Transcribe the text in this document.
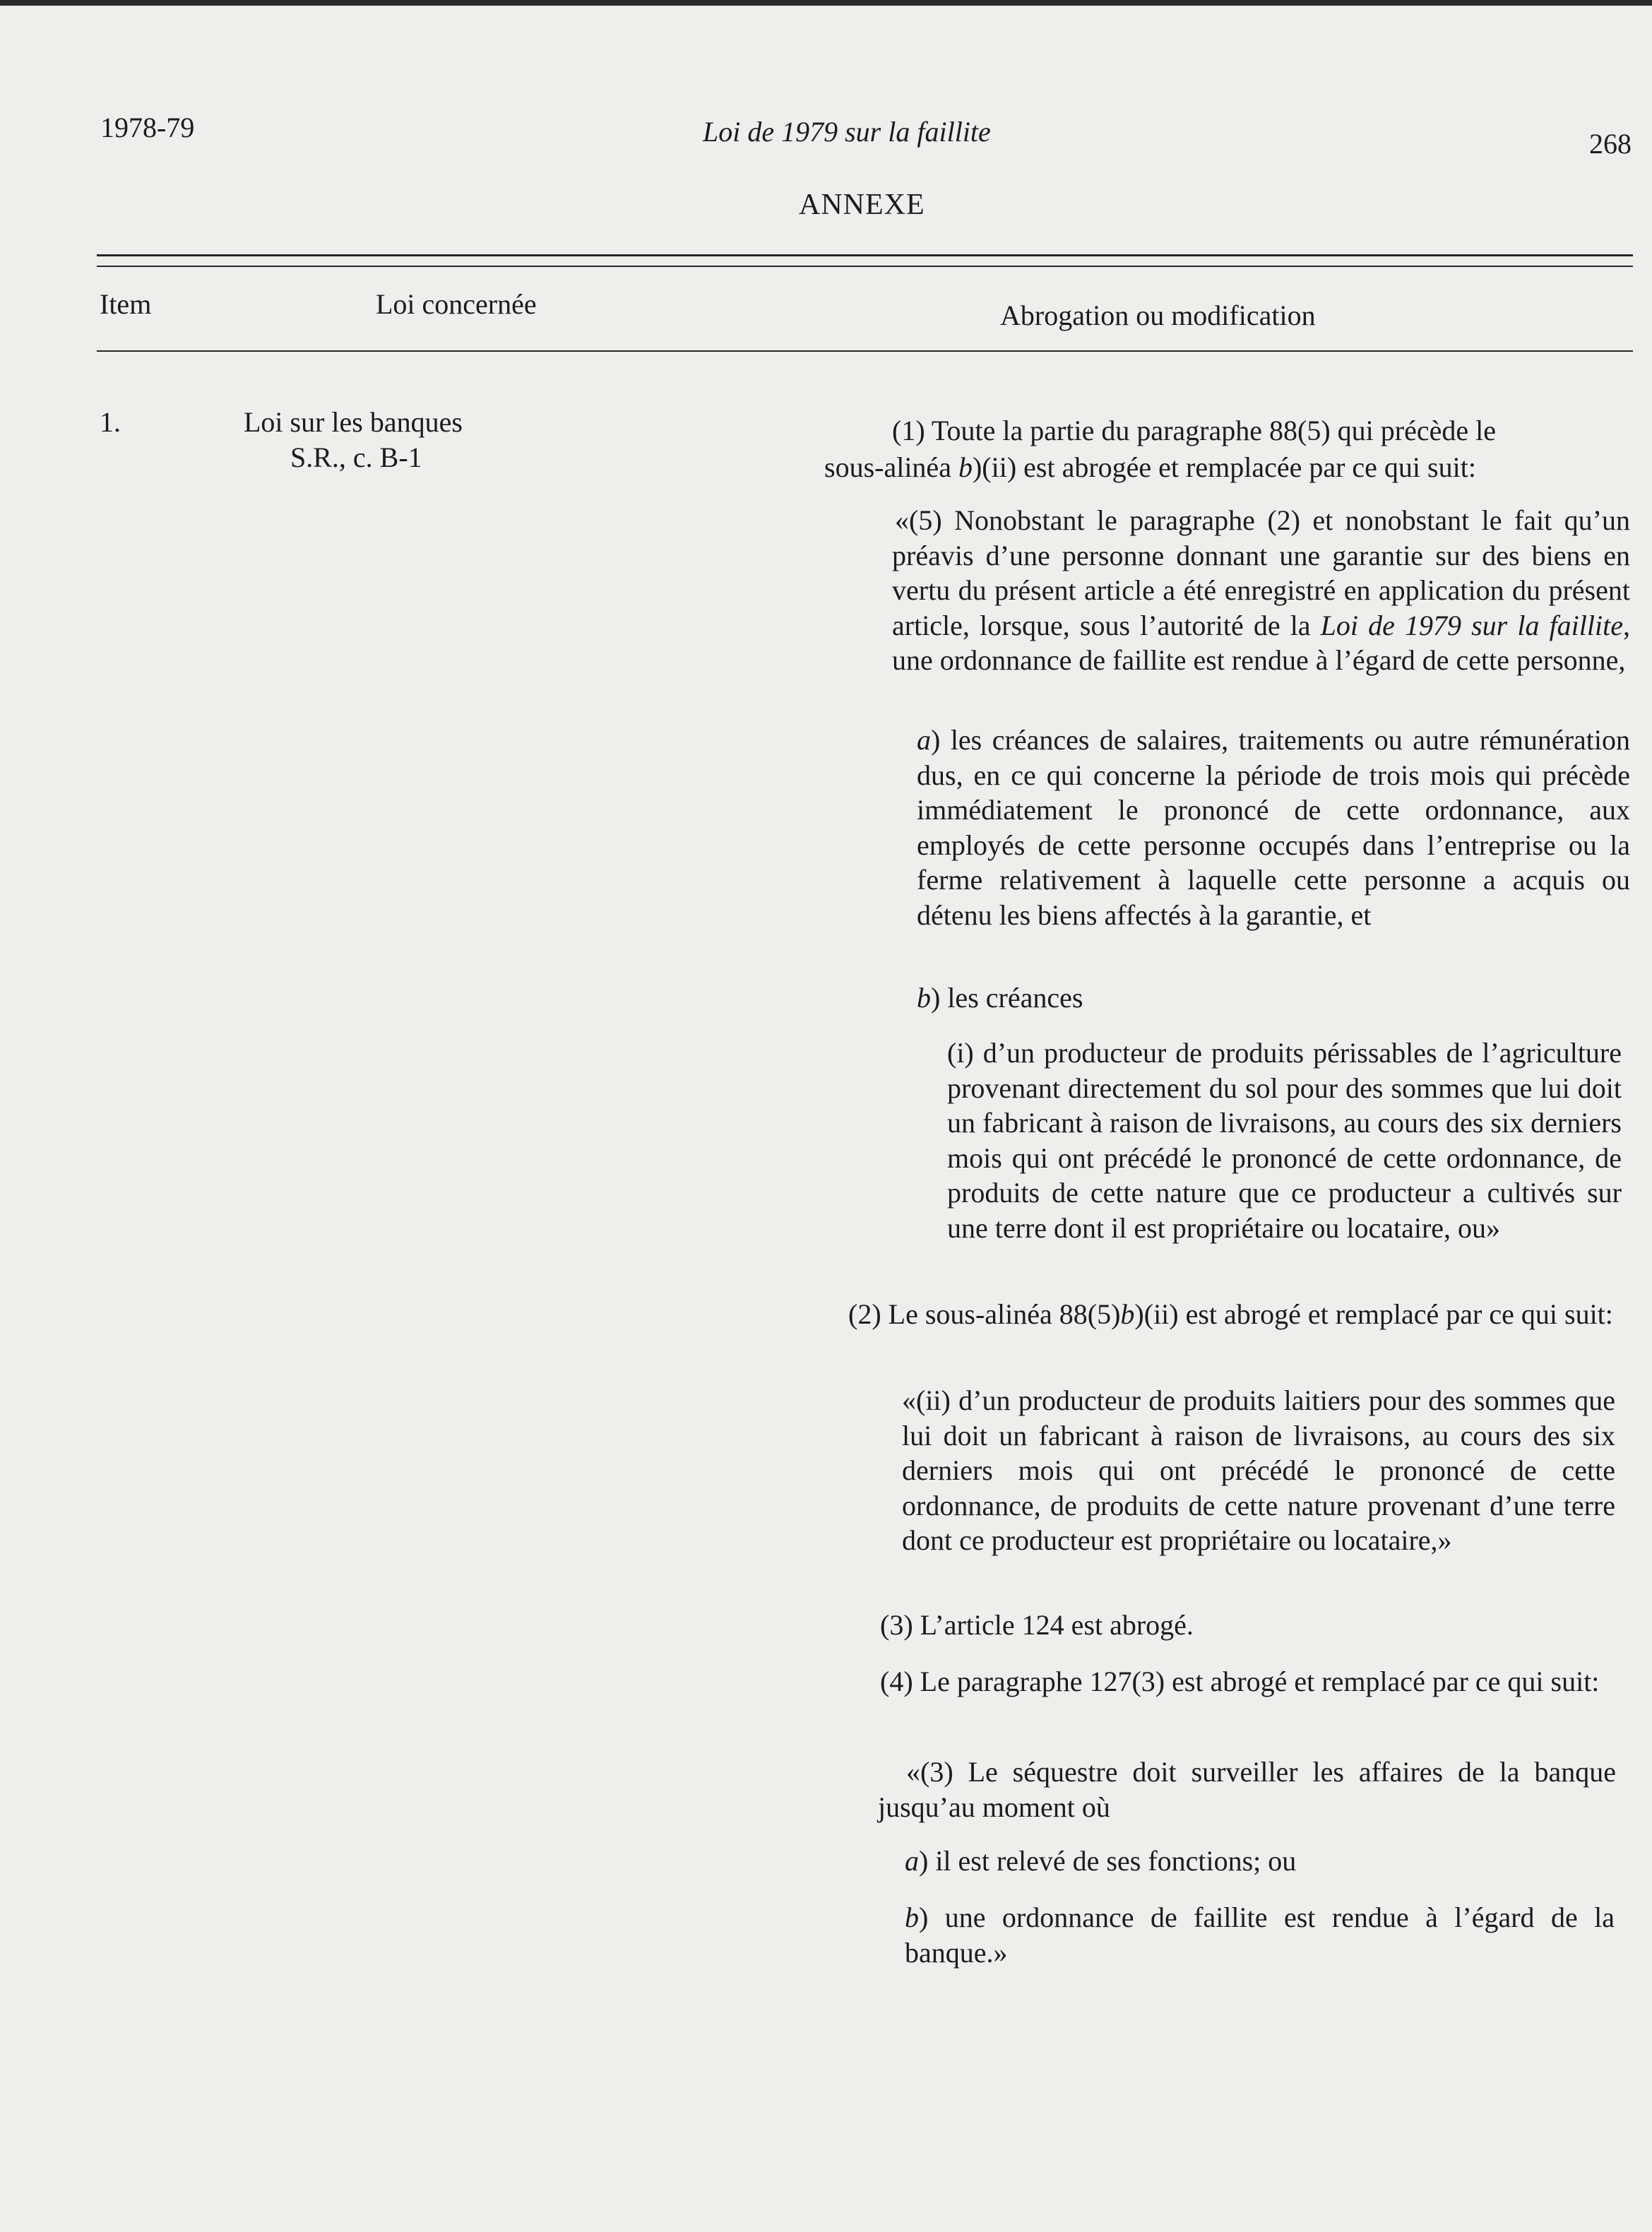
1978-79	Loi de 1979 sur la faillite	268
ANNEXE
Item	Loi concernée	Abrogation ou modification
1.	Loi sur les banques
S.R., c. B-1

(1) Toute la partie du paragraphe 88(5) qui précède le

sous-alinéa b)(ii) est abrogée et remplacée par ce qui suit:

«(5) Nonobstant le paragraphe (2) et nonobstant le fait qu’un préavis d’une personne donnant une garantie sur des biens en vertu du présent article a été enregistré en application du présent article, lorsque, sous l’autorité de la Loi de 1979 sur la faillite, une ordonnance de faillite est rendue à l’égard de cette personne,

a) les créances de salaires, traitements ou autre rémunération dus, en ce qui concerne la période de trois mois qui précède immédiatement le prononcé de cette ordonnance, aux employés de cette personne occupés dans l’entreprise ou la ferme relativement à laquelle cette personne a acquis ou détenu les biens affectés à la garantie, et

b) les créances

(i) d’un producteur de produits périssables de l’agriculture provenant directement du sol pour des sommes que lui doit un fabricant à raison de livraisons, au cours des six derniers mois qui ont précédé le prononcé de cette ordonnance, de produits de cette nature que ce producteur a cultivés sur une terre dont il est propriétaire ou locataire, ou»

(2) Le sous-alinéa 88(5)b)(ii) est abrogé et remplacé par ce qui suit:

«(ii) d’un producteur de produits laitiers pour des sommes que lui doit un fabricant à raison de livraisons, au cours des six derniers mois qui ont précédé le prononcé de cette ordonnance, de produits de cette nature provenant d’une terre dont ce producteur est propriétaire ou locataire,»

(3) L’article 124 est abrogé.

(4) Le paragraphe 127(3) est abrogé et remplacé par ce qui suit:

«(3) Le séquestre doit surveiller les affaires de la banque jusqu’au moment où

a) il est relevé de ses fonctions; ou

b) une ordonnance de faillite est rendue à l’égard de la banque.»
